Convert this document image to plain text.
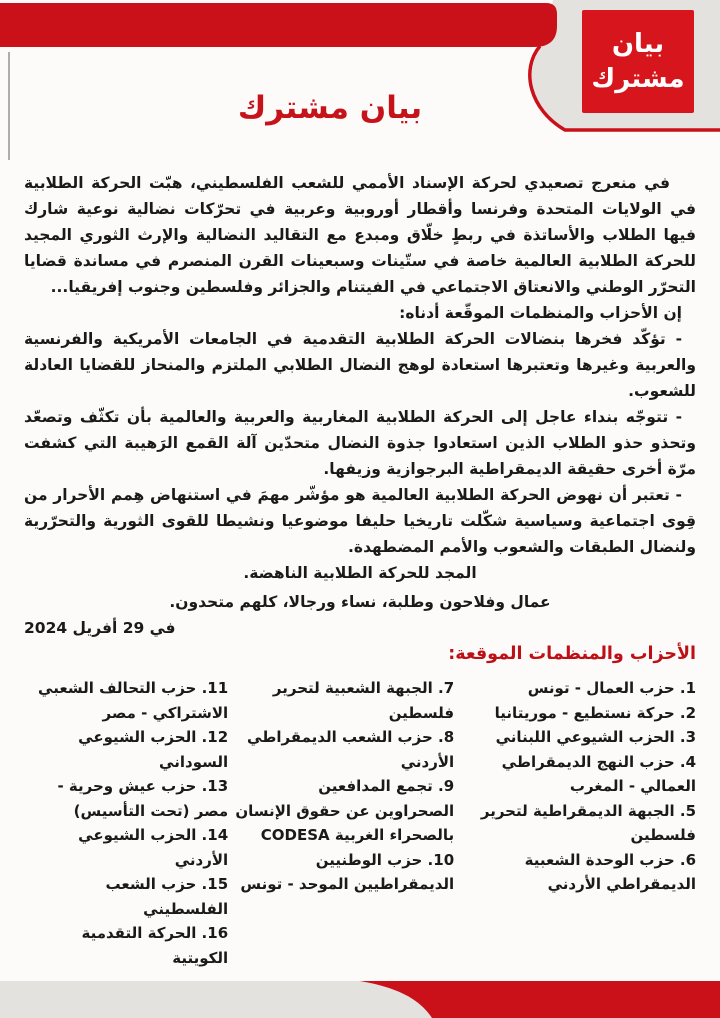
بيان
مشترك
بيان مشترك

في منعرج تصعيدي لحركة الإسناد الأممي للشعب الفلسطيني، هبّت الحركة الطلابية في الولايات المتحدة وفرنسا وأقطار أوروبية وعربية في تحرّكات نضالية نوعية شارك فيها الطلاب والأساتذة في ربطٍ خلّاق ومبدع مع التقاليد النضالية والإرث الثوري المجيد للحركة الطلابية العالمية خاصة في ستّينات وسبعينات القرن المنصرم في مساندة قضايا التحرّر الوطني والانعتاق الاجتماعي في الفيتنام والجزائر وفلسطين وجنوب إفريقيا...

إن الأحزاب والمنظمات الموقّعة أدناه:

- تؤكّد فخرها بنضالات الحركة الطلابية التقدمية في الجامعات الأمريكية والفرنسية والعربية وغيرها وتعتبرها استعادة لوهج النضال الطلابي الملتزم والمنحاز للقضايا العادلة للشعوب.

- تتوجّه بنداء عاجل إلى الحركة الطلابية المغاربية والعربية والعالمية بأن تكثّف وتصعّد وتحذو حذو الطلاب الذين استعادوا جذوة النضال متحدّين آلة القمع الرَهيبة التي كشفت مرّة أخرى حقيقة الديمقراطية البرجوازية وزيفها.

- تعتبر أن نهوض الحركة الطلابية العالمية هو مؤشّر مهمَ في استنهاض هِمم الأحرار من قِوى اجتماعية وسياسية شكّلت تاريخيا حليفا موضوعيا ونشيطا للقوى الثورية والتحرّرية ولنضال الطبقات والشعوب والأمم المضطهدة.

المجد للحركة الطلابية الناهضة.

عمال وفلاحون وطلبة، نساء ورجالا، كلهم متحدون.

في 29 أفريل 2024

الأحزاب والمنظمات الموقعة:

1. حزب العمال - تونس
2. حركة نستطيع - موريتانيا
3. الحزب الشيوعي اللبناني
4. حزب النهج الديمقراطي العمالي - المغرب
5. الجبهة الديمقراطية لتحرير فلسطين
6. حزب الوحدة الشعبية الديمقراطي الأردني
7. الجبهة الشعبية لتحرير فلسطين
8. حزب الشعب الديمقراطي الأردني
9. تجمع المدافعين الصحراوين عن حقوق الإنسان بالصحراء الغربية CODESA
10. حزب الوطنيين الديمقراطيين الموحد - تونس
11. حزب التحالف الشعبي الاشتراكي - مصر
12. الحزب الشيوعي السوداني
13. حزب عيش وحرية - مصر (تحت التأسيس)
14. الحزب الشيوعي الأردني
15. حزب الشعب الفلسطيني
16. الحركة التقدمية الكويتية
